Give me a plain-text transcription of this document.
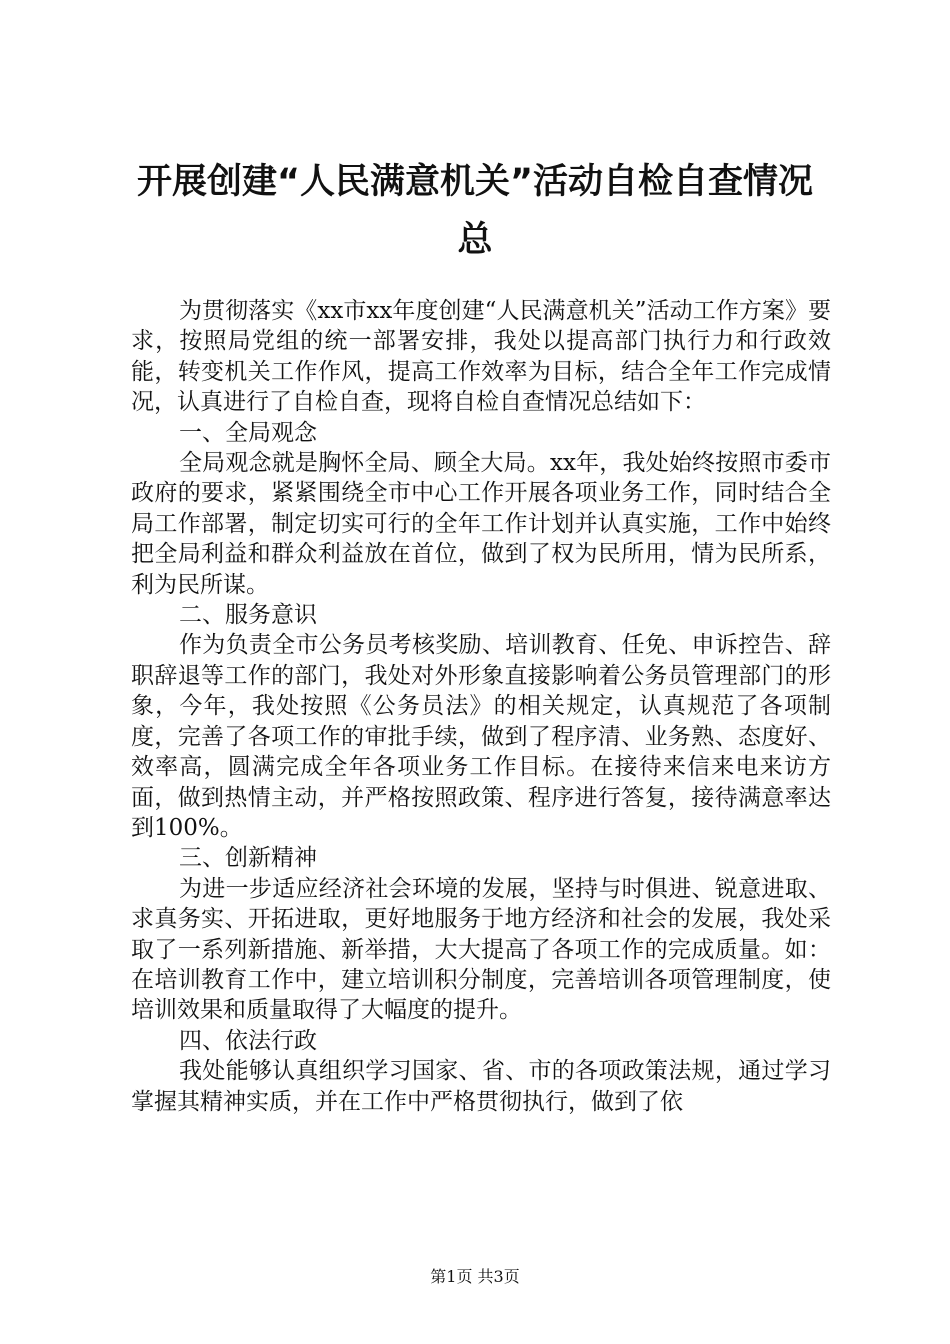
开展创建“人民满意机关”活动自检自查情况
总

为贯彻落实《xx市xx年度创建“人民满意机关”活动工作方案》要求，按照局党组的统一部署安排，我处以提高部门执行力和行政效能，转变机关工作作风，提高工作效率为目标，结合全年工作完成情况，认真进行了自检自查，现将自检自查情况总结如下：

一、全局观念

全局观念就是胸怀全局、顾全大局。xx年，我处始终按照市委市政府的要求，紧紧围绕全市中心工作开展各项业务工作，同时结合全局工作部署，制定切实可行的全年工作计划并认真实施，工作中始终把全局利益和群众利益放在首位，做到了权为民所用，情为民所系，利为民所谋。

二、服务意识

作为负责全市公务员考核奖励、培训教育、任免、申诉控告、辞职辞退等工作的部门，我处对外形象直接影响着公务员管理部门的形象，今年，我处按照《公务员法》的相关规定，认真规范了各项制度，完善了各项工作的审批手续，做到了程序清、业务熟、态度好、效率高，圆满完成全年各项业务工作目标。在接待来信来电来访方面，做到热情主动，并严格按照政策、程序进行答复，接待满意率达到100%。

三、创新精神

为进一步适应经济社会环境的发展，坚持与时俱进、锐意进取、求真务实、开拓进取，更好地服务于地方经济和社会的发展，我处采取了一系列新措施、新举措，大大提高了各项工作的完成质量。如：在培训教育工作中，建立培训积分制度，完善培训各项管理制度，使培训效果和质量取得了大幅度的提升。

四、依法行政

我处能够认真组织学习国家、省、市的各项政策法规，通过学习掌握其精神实质，并在工作中严格贯彻执行，做到了依

第1页 共3页
